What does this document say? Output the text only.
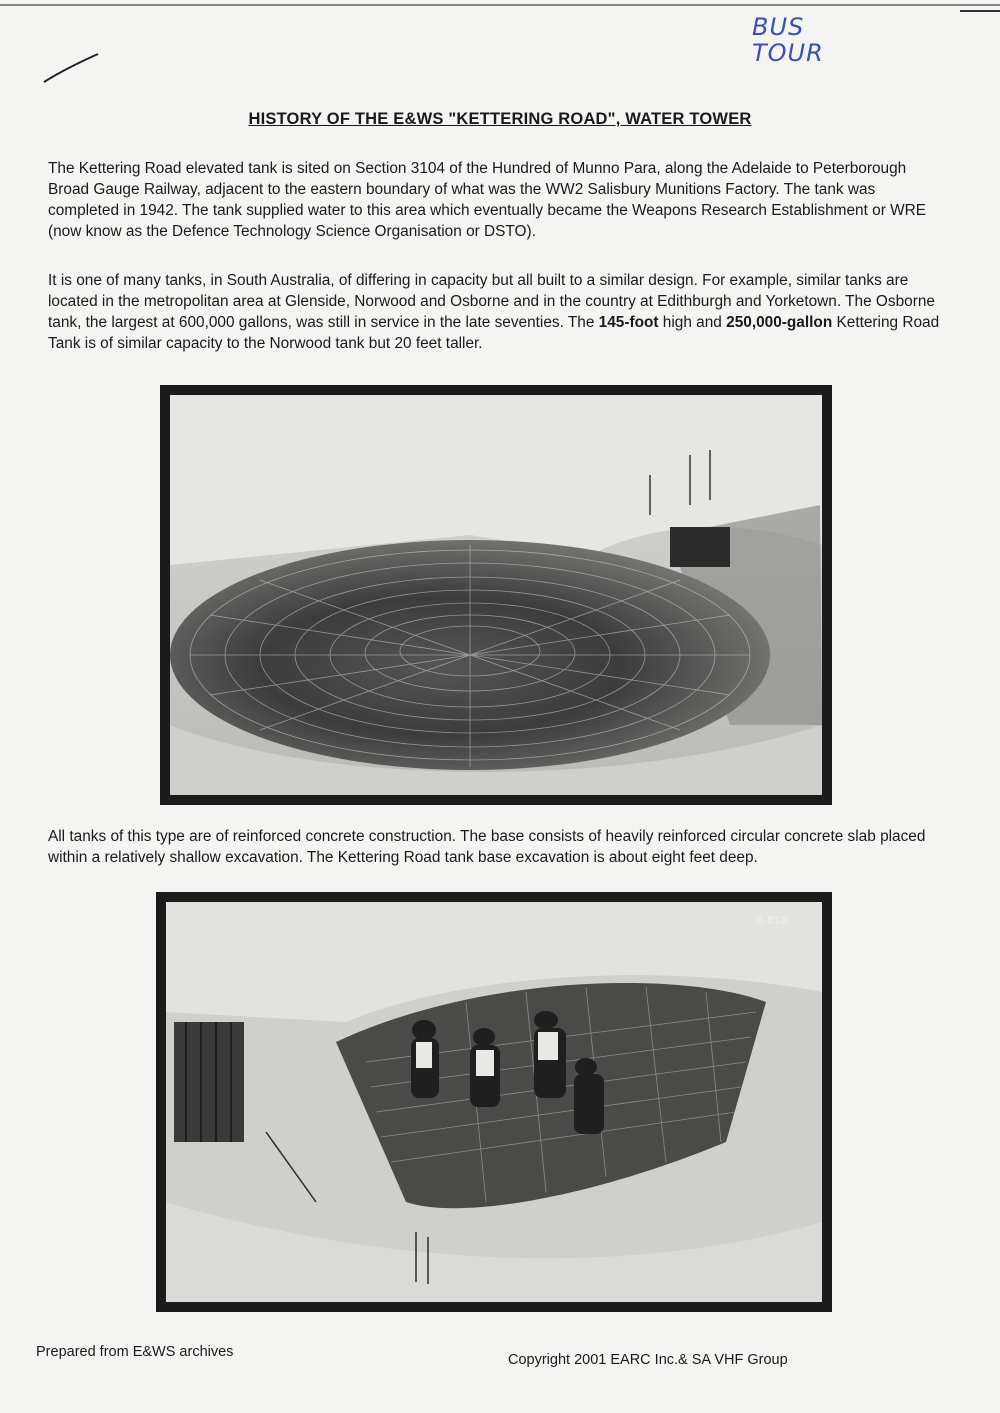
BUS
TOUR
HISTORY OF THE E&WS "KETTERING ROAD", WATER TOWER

The Kettering Road elevated tank is sited on Section 3104 of the Hundred of Munno Para, along the Adelaide to Peterborough Broad Gauge Railway, adjacent to the eastern boundary of what was the WW2 Salisbury Munitions Factory. The tank was completed in 1942. The tank supplied water to this area which eventually became the Weapons Research Establishment or WRE (now know as the Defence Technology Science Organisation or DSTO).

It is one of many tanks, in South Australia, of differing in capacity but all built to a similar design. For example, similar tanks are located in the metropolitan area at Glenside, Norwood and Osborne and in the country at Edithburgh and Yorketown. The Osborne tank, the largest at 600,000 gallons, was still in service in the late seventies. The 145-foot high and 250,000-gallon Kettering Road Tank is of similar capacity to the Norwood tank but 20 feet taller.

All tanks of this type are of reinforced concrete construction. The base consists of heavily reinforced circular concrete slab placed within a relatively shallow excavation. The Kettering Road tank base excavation is about eight feet deep.

6-818
Prepared from E&WS archives	Copyright 2001 EARC Inc.& SA VHF Group
